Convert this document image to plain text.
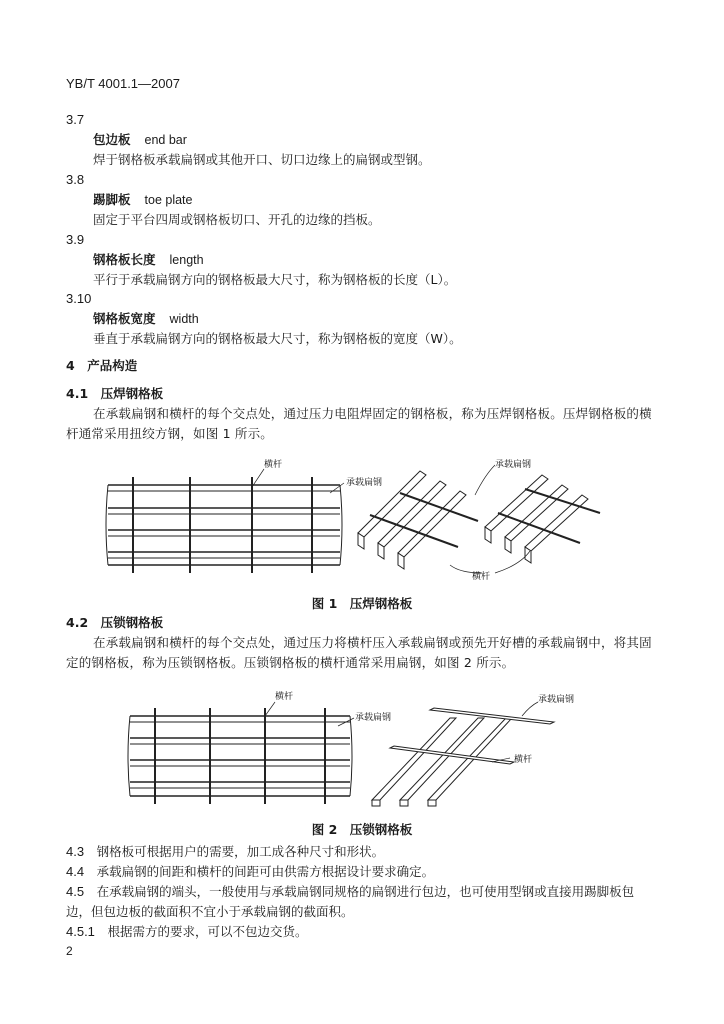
YB/T 4001.1—2007
3.7
包边板 end bar
焊于钢格板承载扁钢或其他开口、切口边缘上的扁钢或型钢。
3.8
踢脚板 toe plate
固定于平台四周或钢格板切口、开孔的边缘的挡板。
3.9
钢格板长度 length
平行于承载扁钢方向的钢格板最大尺寸，称为钢格板的长度（L）。
3.10
钢格板宽度 width
垂直于承载扁钢方向的钢格板最大尺寸，称为钢格板的宽度（W）。
4　产品构造
4.1　压焊钢格板
在承载扁钢和横杆的每个交点处，通过压力电阻焊固定的钢格板，称为压焊钢格板。压焊钢格板的横杆通常采用扭绞方钢，如图 1 所示。
横杆
承载扁钢
承载扁钢
横杆
图 1　压焊钢格板
4.2　压锁钢格板
在承载扁钢和横杆的每个交点处，通过压力将横杆压入承载扁钢或预先开好槽的承载扁钢中，将其固定的钢格板，称为压锁钢格板。压锁钢格板的横杆通常采用扁钢，如图 2 所示。
横杆
承载扁钢
承载扁钢
横杆
图 2　压锁钢格板
4.3　 钢格板可根据用户的需要，加工成各种尺寸和形状。
4.4　 承载扁钢的间距和横杆的间距可由供需方根据设计要求确定。
4.5　 在承载扁钢的端头，一般使用与承载扁钢同规格的扁钢进行包边，也可使用型钢或直接用踢脚板包边，但包边板的截面积不宜小于承载扁钢的截面积。
4.5.1　 根据需方的要求，可以不包边交货。
2
